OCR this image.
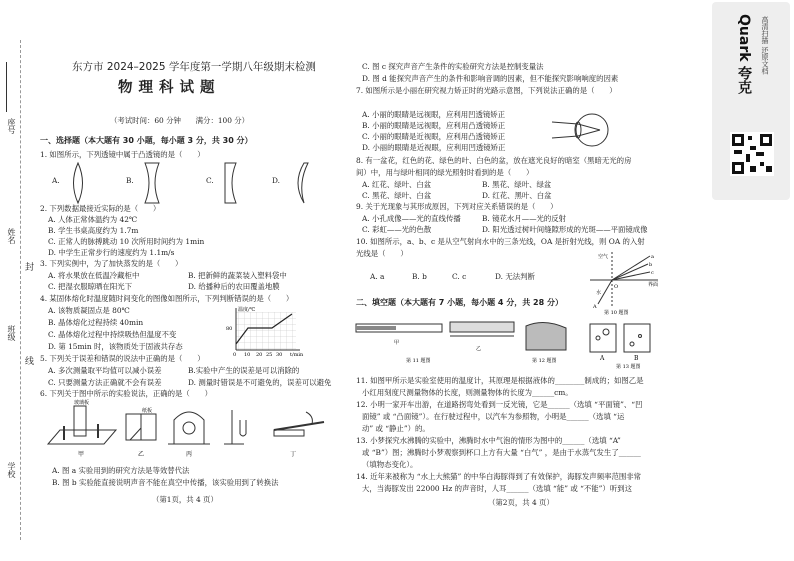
座号
姓名
封
班级
线
学校
东方市 2024–2025 学年度第一学期八年级期末检测
物理科试题
（考试时间：60 分钟　　满分：100 分）
一、选择题（本大题有 30 小题，每小题 3 分，共 30 分）
1. 如图所示，下列透镜中属于凸透镜的是（　　）
A.	B.	C.	D.
2. 下列数据最接近实际的是（　　）
A. 人体正常体温约为 42℃
B. 学生书桌高度约为 1.7m
C. 正常人的脉搏跳动 10 次所用时间约为 1min
D. 中学生正常步行的速度约为 1.1m/s
3. 下列实例中，为了加快蒸发的是（　　）
A. 将水果放在低温冷藏柜中	B. 把新鲜的蔬菜装入塑料袋中
C. 把湿衣服晾晒在阳光下	D. 给播种后的农田覆盖地膜
4. 某固体熔化时温度随时间变化的图像如图所示，下列判断错误的是（　　）
A. 该物质凝固点是 80℃
B. 晶体熔化过程持续 40min
C. 晶体熔化过程中持续吸热但温度不变
D. 第 15min 时，该物质处于固液共存态
温度/℃
80
t/min
0 10 20 25 30
5. 下列关于误差和错误的说法中正确的是（　　）
A. 多次测量取平均值可以减小误差	B.实验中产生的误差是可以消除的
C. 只要测量方法正确就不会有误差	D. 测量时错误是不可避免的，误差可以避免
6. 下列关于图中所示的实验说法，正确的是（　　）
玻璃板
甲
纸板
乙	丙	丁
A. 图 a 实验用到的研究方法是等效替代法
B. 图 b 实验能直接说明声音不能在真空中传播，该实验用到了转换法
（第1页，共 4 页）
C. 图 c 探究声音产生条件的实验研究方法是控制变量法
D. 图 d 能探究声音产生的条件和影响音调的因素，但不能探究影响响度的因素
7. 如图所示是小丽在研究视力矫正时的光路示意图，下列说法正确的是（　　）
A. 小丽的眼睛是远视眼，应利用凹透镜矫正
B. 小丽的眼睛是远视眼，应利用凸透镜矫正
C. 小丽的眼睛是近视眼，应利用凸透镜矫正
D. 小丽的眼睛是近视眼，应利用凹透镜矫正
8. 有一盆花，红色的花、绿色的叶、白色的盆，放在遮光良好的暗室（黑暗无光的房
间）中，用与绿叶相同的绿光照射时看到的是（　　）
A. 红花、绿叶、白盆	B. 黑花、绿叶、绿盆
C. 黑花、绿叶、白盆	D. 红花、黑叶、白盆
9. 关于光现象与其形成原因，下列对应关系错误的是（　　）
A. 小孔成像——光的直线传播	B. 镜花水月——光的反射
C. 彩虹——光的色散	D. 阳光透过树叶间缝隙形成的光斑——平面镜成像
10. 如图所示，a、b、c 是从空气射向水中的三条光线，OA 是折射光线，则 OA 的入射
光线是（　　）
A. a	B. b	C. c	D. 无法判断
空气
水
界面
a
b
c
O
A
第 10 题图
二、填空题（本大题有 7 小题，每小题 4 分，共 28 分）
甲
第 11 题图
乙
第 12 题图	A	B
第 13 题图
11. 如图甲所示是实验室使用的温度计，其原理是根据液体的________制成的；如图乙是
小红用刻度尺测量物体的长度，则测量物体的长度为______cm。
12. 小明一家开车出游，在道路拐弯处看到一反光镜，它是______（选填 “平面镜”、“凹
面镜” 或 “凸面镜”）。在行驶过程中，以汽车为参照物，小明是______（选填 “运
动” 或 “静止”）的。
13. 小梦探究水沸腾的实验中，沸腾时水中气泡的情形为图中的______（选填 “A”
或 “B”）图；沸腾时小梦观察到杯口上方有大量 “白气” ，是由于水蒸气发生了______
（填物态变化）。
14. 近年来被称为 “水上大熊猫” 的中华白海豚得到了有效保护，海豚发声频率范围非常
大，当海豚发出 22000 Hz 的声音时，人耳______（选填 “能” 或 “不能”）听到这
（第2页，共 4 页）
Quark 夸克 高清扫描 还原文档
